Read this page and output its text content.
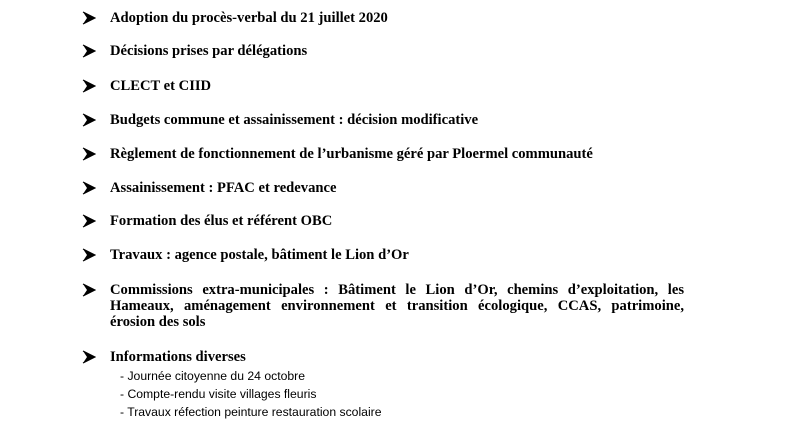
Adoption du procès-verbal du 21 juillet 2020
Décisions prises par délégations
CLECT et CIID
Budgets commune et assainissement : décision modificative
Règlement de fonctionnement de l’urbanisme géré par Ploermel communauté
Assainissement : PFAC et redevance
Formation des élus et référent OBC
Travaux : agence postale, bâtiment le Lion d’Or
Commissions extra-municipales : Bâtiment le Lion d’Or, chemins d’exploitation, les Hameaux, aménagement environnement et transition écologique, CCAS, patrimoine, érosion des sols
Informations diverses
- Journée citoyenne du 24 octobre
- Compte-rendu visite villages fleuris
- Travaux réfection peinture restauration scolaire
